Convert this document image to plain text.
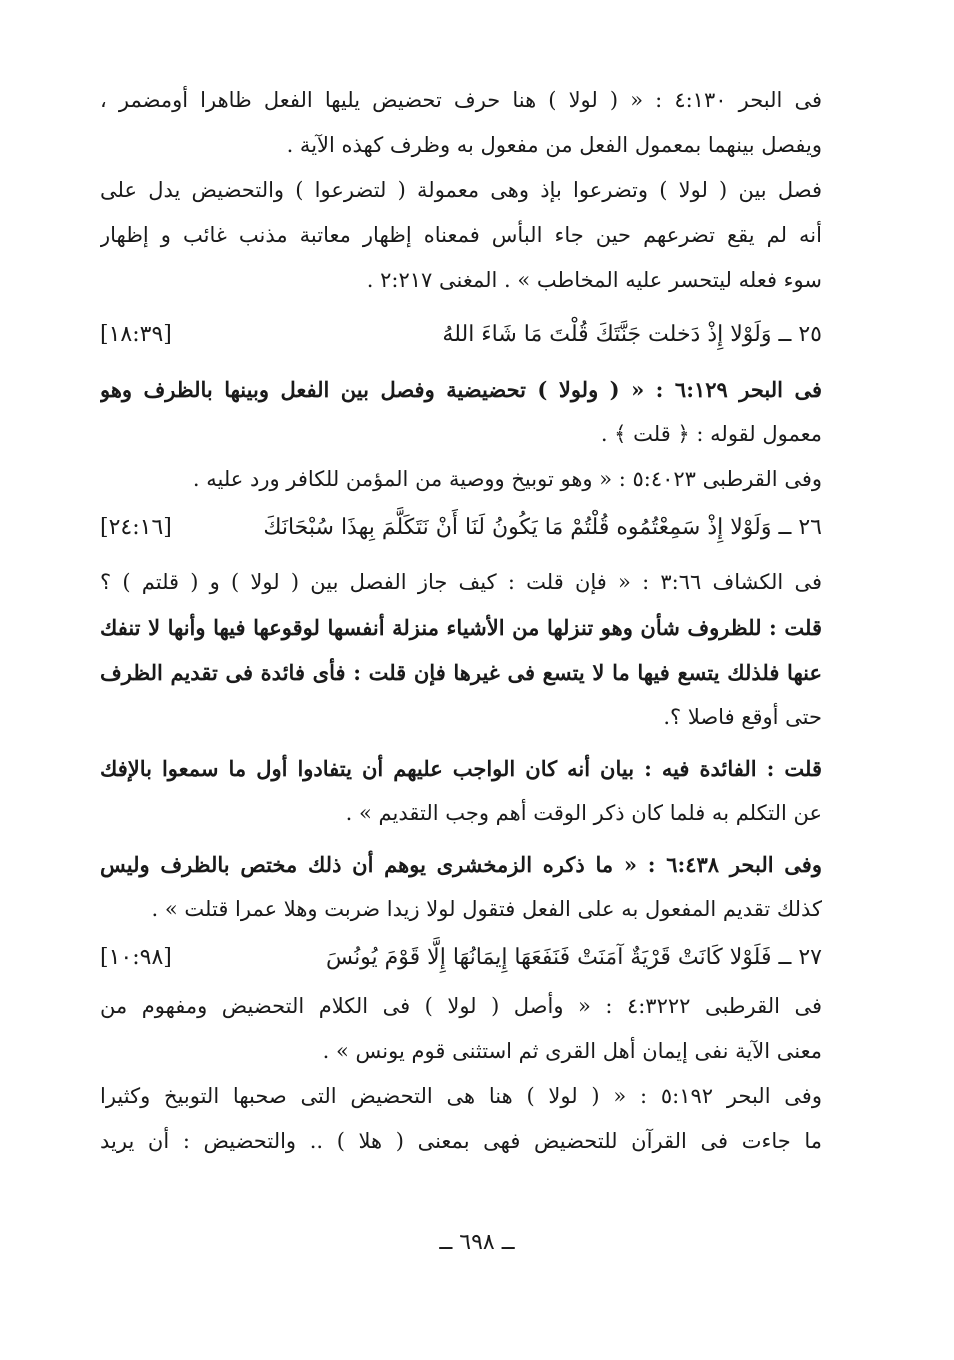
فى البحر ٤:١٣٠ : « ( لولا ) هنا حرف تحضيض يليها الفعل ظاهرا أومضمر ،
ويفصل بينهما بمعمول الفعل من مفعول به وظرف كهذه الآية .
فصل بين ( لولا ) وتضرعوا بإذ وهى معمولة ( لتضرعوا ) والتحضيض يدل على
أنه لم يقع تضرعهم حين جاء البأس فمعناه إظهار معاتبة مذنب غائب و إظهار
سوء فعله ليتحسر عليه المخاطب » . المغنى ٢:٢١٧ .
٢٥ ــ وَلَوْلا إِذْ دَخلت جَنَّتَكَ قُلْتَ مَا شَاءَ اللهُ
[١٨:٣٩]
فى البحر ٦:١٢٩ : « ( ولولا ) تحضيضية وفصل بين الفعل وبينها بالظرف وهو
معمول لقوله : ﴿ قلت ﴾ .
وفى القرطبى ٥:٤٠٢٣ : « وهو توبيخ ووصية من المؤمن للكافر ورد عليه .
٢٦ ــ وَلَوْلا إِذْ سَمِعْتُمُوه قُلْتُمْ مَا يَكُونُ لَنَا أَنْ نَتَكَلَّمَ بِهذَا سُبْحَانَكَ
[٢٤:١٦]
فى الكشاف ٣:٦٦ : « فإن قلت : كيف جاز الفصل بين ( لولا ) و ( قلتم ) ؟
قلت : للظروف شأن وهو تنزلها من الأشياء منزلة أنفسها لوقوعها فيها وأنها لا تنفك
عنها فلذلك يتسع فيها ما لا يتسع فى غيرها فإن قلت : فأى فائدة فى تقديم الظرف
حتى أوقع فاصلا ؟.
قلت : الفائدة فيه : بيان أنه كان الواجب عليهم أن يتفادوا أول ما سمعوا بالإفك
عن التكلم به فلما كان ذكر الوقت أهم وجب التقديم » .
وفى البحر ٦:٤٣٨ : « ما ذكره الزمخشرى يوهم أن ذلك مختص بالظرف وليس
كذلك تقديم المفعول به على الفعل فتقول لولا زيدا ضربت وهلا عمرا قتلت » .
٢٧ ــ فَلَوْلا كَانَتْ قَرْيَةٌ آمَنَتْ فَنَفَعَهَا إِيمَانُهَا إِلَّا قَوْمَ يُونُسَ
[١٠:٩٨]
فى القرطبى ٤:٣٢٢٢ : « وأصل ( لولا ) فى الكلام التحضيض ومفهوم من
معنى الآية نفى إيمان أهل القرى ثم استثنى قوم يونس » .
وفى البحر ٥:١٩٢ : « ( لولا ) هنا هى التحضيض التى صحبها التوبيخ وكثيرا
ما جاءت فى القرآن للتحضيض فهى بمعنى ( هلا ) .. والتحضيض : أن يريد
ــ ٦٩٨ ــ
